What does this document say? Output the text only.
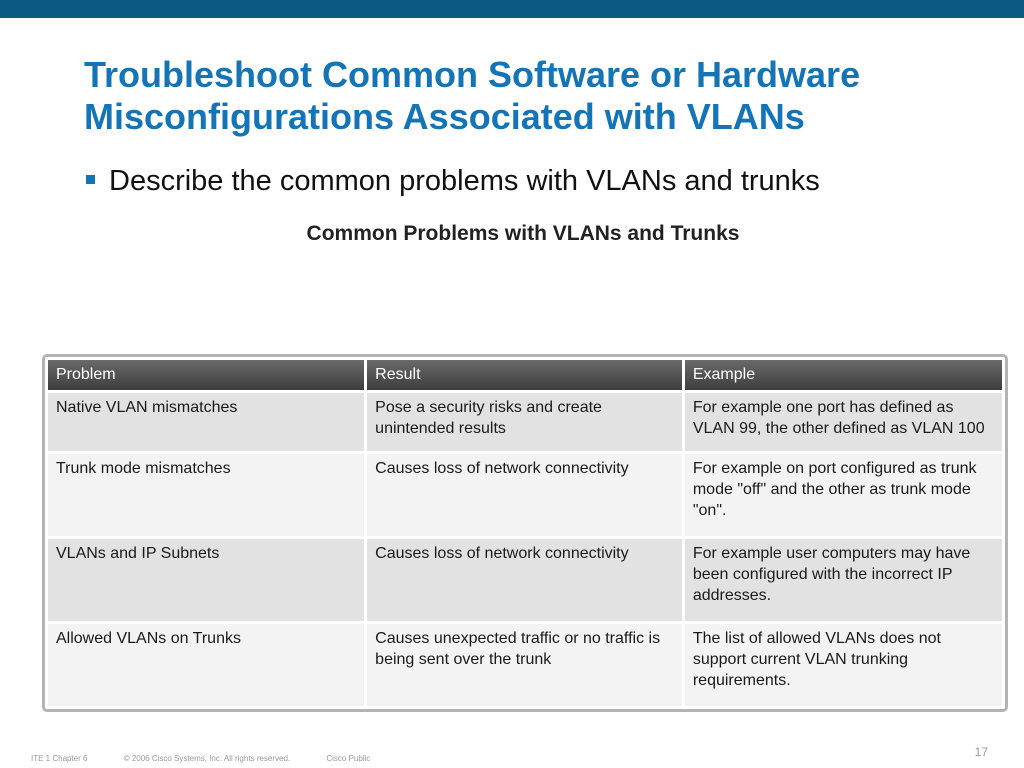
Troubleshoot Common Software or Hardware
Misconfigurations Associated with VLANs
Describe the common problems with VLANs and trunks
Common Problems with VLANs and Trunks
Problem	Result	Example
Native VLAN mismatches	Pose a security risks and create unintended results	For example one port has defined as VLAN 99, the other defined as VLAN 100
Trunk mode mismatches	Causes loss of network connectivity	For example on port configured as trunk mode "off" and the other as trunk mode "on".
VLANs and IP Subnets	Causes loss of network connectivity	For example user computers may have been configured with the incorrect IP addresses.
Allowed VLANs on Trunks	Causes unexpected traffic or no traffic is being sent over the trunk	The list of allowed VLANs does not support current VLAN trunking requirements.
ITE 1 Chapter 6	© 2006 Cisco Systems, Inc. All rights reserved.	Cisco Public	17
